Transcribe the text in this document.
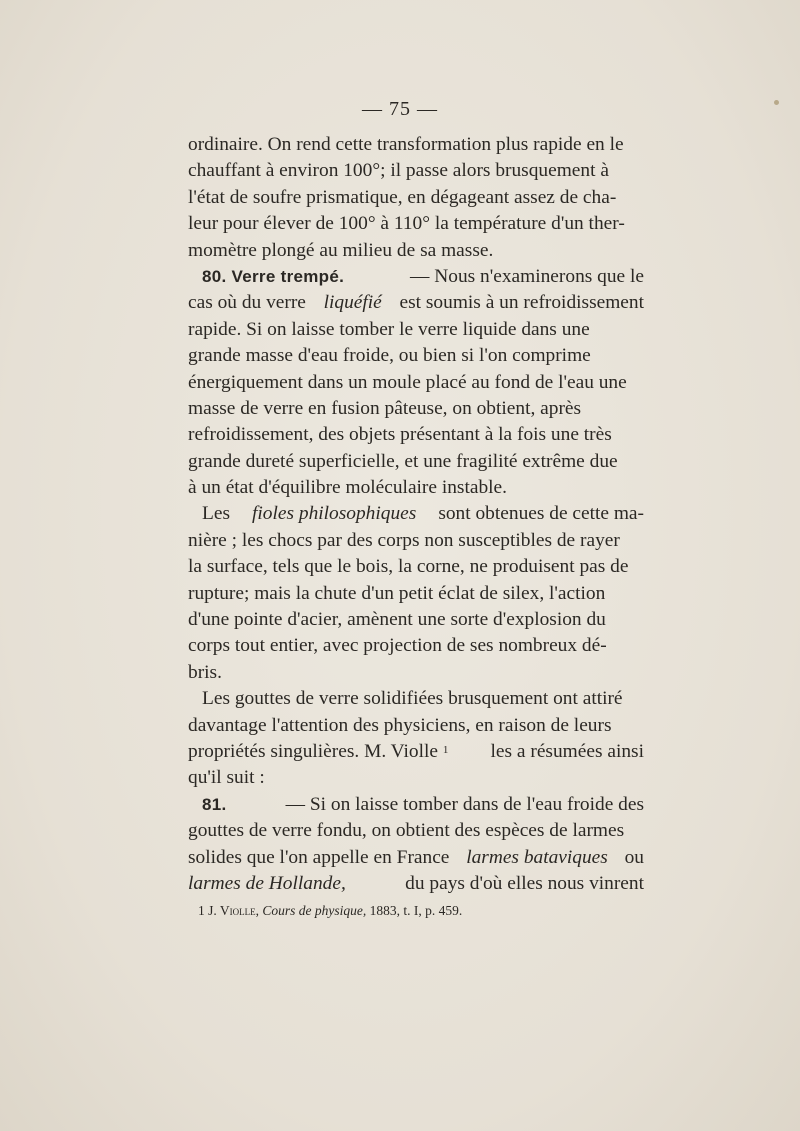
— 75 —
ordinaire. On rend cette transformation plus rapide en le
chauffant à environ 100°; il passe alors brusquement à
l'état de soufre prismatique, en dégageant assez de cha-
leur pour élever de 100° à 110° la température d'un ther-
momètre plongé au milieu de sa masse.
80. Verre trempé.	— Nous n'examinerons que le
cas où du verre liquéfié est soumis à un refroidissement
rapide. Si on laisse tomber le verre liquide dans une
grande masse d'eau froide, ou bien si l'on comprime
énergiquement dans un moule placé au fond de l'eau une
masse de verre en fusion pâteuse, on obtient, après
refroidissement, des objets présentant à la fois une très
grande dureté superficielle, et une fragilité extrême due
à un état d'équilibre moléculaire instable.
Les fioles philosophiques sont obtenues de cette ma-
nière ; les chocs par des corps non susceptibles de rayer
la surface, tels que le bois, la corne, ne produisent pas de
rupture; mais la chute d'un petit éclat de silex, l'action
d'une pointe d'acier, amènent une sorte d'explosion du
corps tout entier, avec projection de ses nombreux dé-
bris.
Les gouttes de verre solidifiées brusquement ont attiré
davantage l'attention des physiciens, en raison de leurs
propriétés singulières. M. Violle $^1$ les a résumées ainsi
qu'il suit :
81.	— Si on laisse tomber dans de l'eau froide des
gouttes de verre fondu, on obtient des espèces de larmes
solides que l'on appelle en France larmes bataviques ou
larmes de Hollande,	du pays d'où elles nous vinrent
1 J. Violle, Cours de physique, 1883, t. I, p. 459.
